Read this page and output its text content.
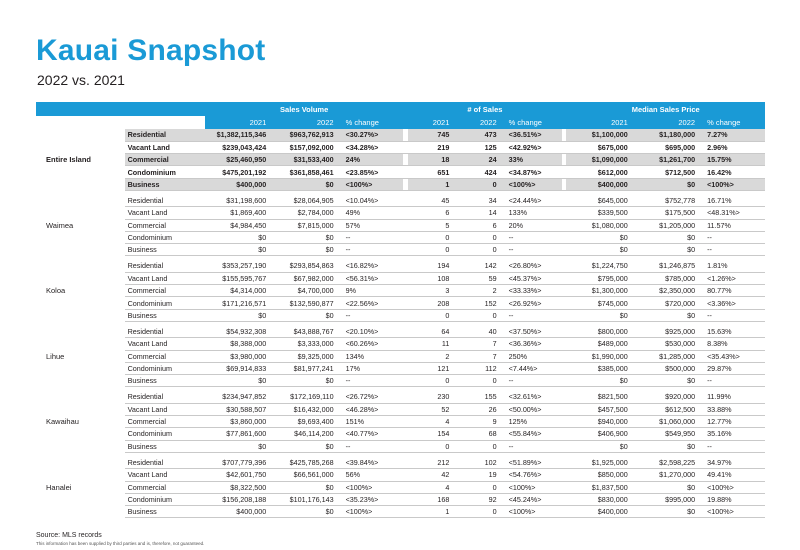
Kauai Snapshot
2022 vs. 2021
		Sales Volume				# of Sales				Median Sales Price		
		2021	2022	% change		2021	2022	% change		2021	2022	% change
Entire Island	Residential	$1,382,115,346	$963,762,913	<30.27%>		745	473	<36.51%>		$1,100,000	$1,180,000	7.27%
	Vacant Land	$239,043,424	$157,092,000	<34.28%>		219	125	<42.92%>		$675,000	$695,000	2.96%
	Commercial	$25,460,950	$31,533,400	24%		18	24	33%		$1,090,000	$1,261,700	15.75%
	Condominium	$475,201,192	$361,858,461	<23.85%>		651	424	<34.87%>		$612,000	$712,500	16.42%
	Business	$400,000	$0	<100%>		1	0	<100%>		$400,000	$0	<100%>

Waimea	Residential	$31,198,600	$28,064,905	<10.04%>		45	34	<24.44%>		$645,000	$752,778	16.71%
	Vacant Land	$1,869,400	$2,784,000	49%		6	14	133%		$339,500	$175,500	<48.31%>
	Commercial	$4,984,450	$7,815,000	57%		5	6	20%		$1,080,000	$1,205,000	11.57%
	Condominium	$0	$0	--		0	0	--		$0	$0	--
	Business	$0	$0	--		0	0	--		$0	$0	--

Koloa	Residential	$353,257,190	$293,854,863	<16.82%>		194	142	<26.80%>		$1,224,750	$1,246,875	1.81%
	Vacant Land	$155,595,767	$67,982,000	<56.31%>		108	59	<45.37%>		$795,000	$785,000	<1.26%>
	Commercial	$4,314,000	$4,700,000	9%		3	2	<33.33%>		$1,300,000	$2,350,000	80.77%
	Condominium	$171,216,571	$132,590,877	<22.56%>		208	152	<26.92%>		$745,000	$720,000	<3.36%>
	Business	$0	$0	--		0	0	--		$0	$0	--

Lihue	Residential	$54,932,308	$43,888,767	<20.10%>		64	40	<37.50%>		$800,000	$925,000	15.63%
	Vacant Land	$8,388,000	$3,333,000	<60.26%>		11	7	<36.36%>		$489,000	$530,000	8.38%
	Commercial	$3,980,000	$9,325,000	134%		2	7	250%		$1,990,000	$1,285,000	<35.43%>
	Condominium	$69,914,833	$81,977,241	17%		121	112	<7.44%>		$385,000	$500,000	29.87%
	Business	$0	$0	--		0	0	--		$0	$0	--

Kawaihau	Residential	$234,947,852	$172,169,110	<26.72%>		230	155	<32.61%>		$821,500	$920,000	11.99%
	Vacant Land	$30,588,507	$16,432,000	<46.28%>		52	26	<50.00%>		$457,500	$612,500	33.88%
	Commercial	$3,860,000	$9,693,400	151%		4	9	125%		$940,000	$1,060,000	12.77%
	Condominium	$77,861,600	$46,114,200	<40.77%>		154	68	<55.84%>		$406,900	$549,950	35.16%
	Business	$0	$0	--		0	0	--		$0	$0	--

Hanalei	Residential	$707,779,396	$425,785,268	<39.84%>		212	102	<51.89%>		$1,925,000	$2,598,225	34.97%
	Vacant Land	$42,601,750	$66,561,000	56%		42	19	<54.76%>		$850,000	$1,270,000	49.41%
	Commercial	$8,322,500	$0	<100%>		4	0	<100%>		$1,837,500	$0	<100%>
	Condominium	$156,208,188	$101,176,143	<35.23%>		168	92	<45.24%>		$830,000	$995,000	19.88%
	Business	$400,000	$0	<100%>		1	0	<100%>		$400,000	$0	<100%>
Source: MLS records
This information has been supplied by third parties and is, therefore, not guaranteed.
